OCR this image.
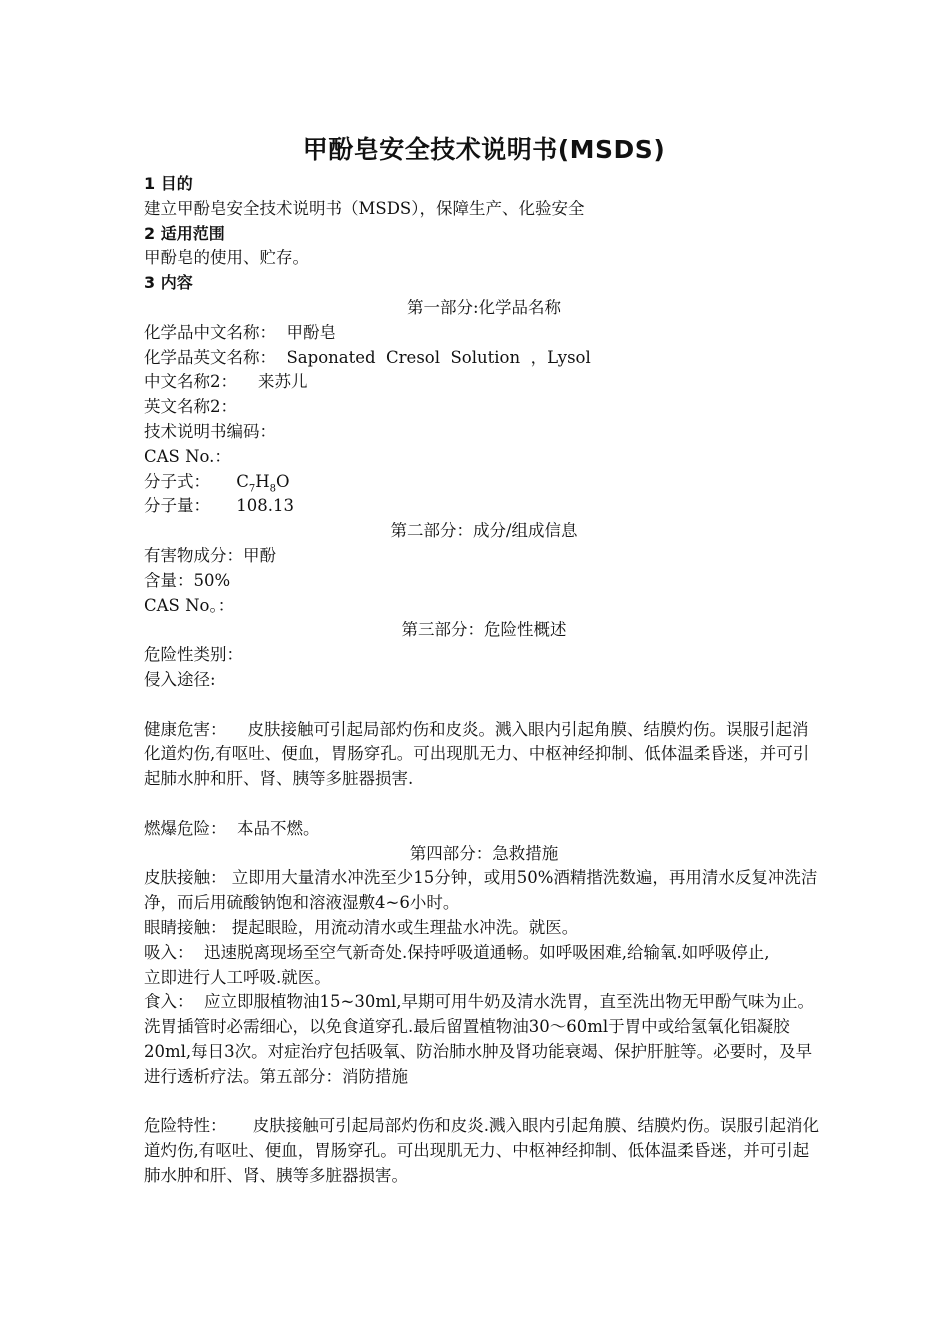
甲酚皂安全技术说明书(MSDS)
1 目的
建立甲酚皂安全技术说明书（MSDS），保障生产、化验安全
2 适用范围
甲酚皂的使用、贮存。
3 内容
第一部分:化学品名称
化学品中文名称： 甲酚皂
化学品英文名称： Saponated  Cresol  Solution  ，Lysol
中文名称2： 来苏儿
英文名称2：
技术说明书编码：
CAS No.：
分子式： $C_7H_8O$
分子量： 108.13
第二部分：成分/组成信息
有害物成分：甲酚
含量：50%
CAS No。：
第三部分：危险性概述
危险性类别：
侵入途径:
健康危害： 皮肤接触可引起局部灼伤和皮炎。溅入眼内引起角膜、结膜灼伤。误服引起消化道灼伤,有呕吐、便血，胃肠穿孔。可出现肌无力、中枢神经抑制、低体温柔昏迷，并可引起肺水肿和肝、肾、胰等多脏器损害.
燃爆危险： 本品不燃。
第四部分：急救措施
皮肤接触： 立即用大量清水冲洗至少15分钟，或用50%酒精揩洗数遍，再用清水反复冲洗洁净，而后用硫酸钠饱和溶液湿敷4~6小时。
眼睛接触： 提起眼睑，用流动清水或生理盐水冲洗。就医。
吸入： 迅速脱离现场至空气新奇处.保持呼吸道通畅。如呼吸困难,给输氧.如呼吸停止,
立即进行人工呼吸.就医。
食入： 应立即服植物油15~30ml,早期可用牛奶及清水洗胃，直至洗出物无甲酚气味为止。洗胃插管时必需细心，以免食道穿孔.最后留置植物油30～60ml于胃中或给氢氧化铝凝胶20ml,每日3次。对症治疗包括吸氧、防治肺水肿及肾功能衰竭、保护肝脏等。必要时，及早进行透析疗法。第五部分：消防措施
危险特性： 皮肤接触可引起局部灼伤和皮炎.溅入眼内引起角膜、结膜灼伤。误服引起消化道灼伤,有呕吐、便血，胃肠穿孔。可出现肌无力、中枢神经抑制、低体温柔昏迷，并可引起肺水肿和肝、肾、胰等多脏器损害。
